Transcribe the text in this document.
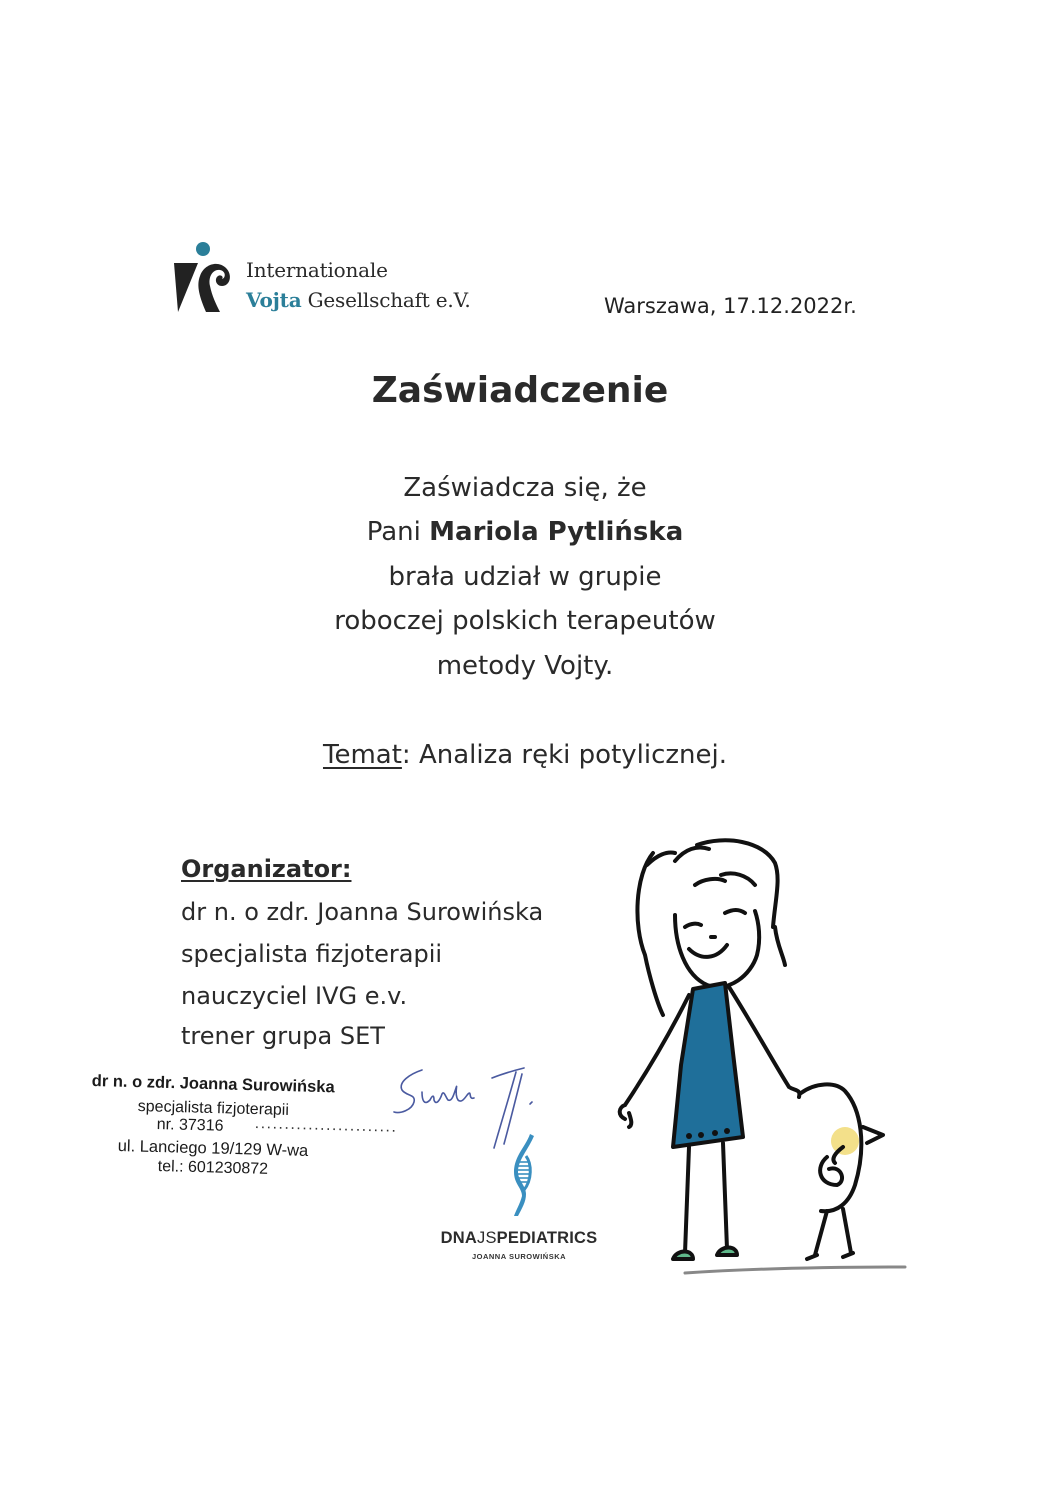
Internationale
Vojta Gesellschaft e.V.	Warszawa, 17.12.2022r.
Zaświadczenie
Zaświadcza się, że
Pani Mariola Pytlińska
brała udział w grupie
roboczej polskich terapeutów
metody Vojty.
Temat: Analiza ręki potylicznej.
Organizator:
dr n. o zdr. Joanna Surowińska
specjalista fizjoterapii
nauczyciel IVG e.v.
trener grupa SET
dr n. o zdr. Joanna Surowińska
specjalista fizjoterapii
nr. 37316 ........................
ul. Lanciego 19/129 W-wa
tel.: 601230872
DNAJSPEDIATRICS
JOANNA SUROWIŃSKA
